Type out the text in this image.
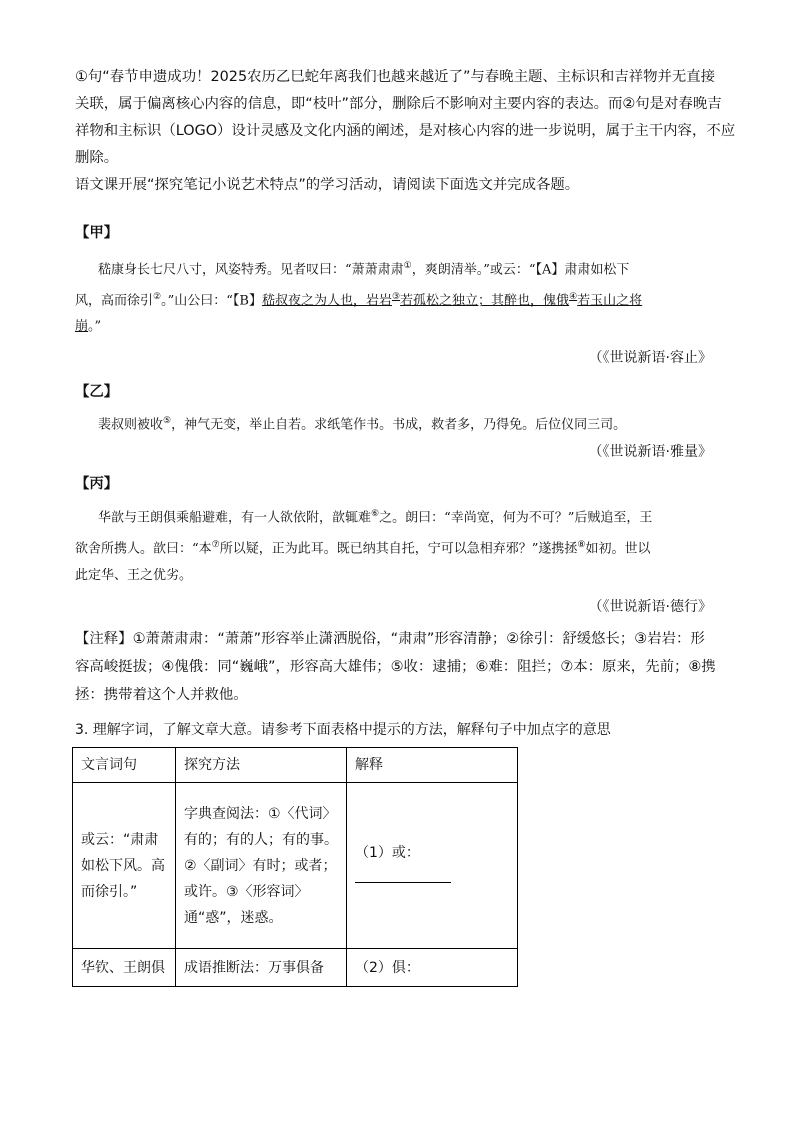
①句“春节申遗成功！2025农历乙巳蛇年离我们也越来越近了”与春晚主题、主标识和吉祥物并无直接
关联，属于偏离核心内容的信息，即“枝叶”部分，删除后不影响对主要内容的表达。而②句是对春晚吉
祥物和主标识（LOGO）设计灵感及文化内涵的阐述，是对核心内容的进一步说明，属于主干内容，不应
删除。
语文课开展“探究笔记小说艺术特点”的学习活动，请阅读下面选文并完成各题。
【甲】
嵇康身长七尺八寸，风姿特秀。见者叹曰：“萧萧肃肃①，爽朗清举。”或云：“【A】肃肃如松下
风，高而徐引②。”山公曰：“【B】嵇叔夜之为人也，岩岩③若孤松之独立；其醉也，傀俄④若玉山之将
崩。”
（《世说新语·容止》
【乙】
裴叔则被收⑤，神气无变，举止自若。求纸笔作书。书成，救者多，乃得免。后位仪同三司。
（《世说新语·雅量》
【丙】
华歆与王朗俱乘船避难，有一人欲依附，歆辄难⑥之。朗曰：“幸尚宽，何为不可？”后贼追至，王
欲舍所携人。歆曰：“本⑦所以疑，正为此耳。既已纳其自托，宁可以急相弃邪？”遂携拯⑧如初。世以
此定华、王之优劣。
（《世说新语·德行》
【注释】①萧萧肃肃：“萧萧”形容举止潇洒脱俗，“肃肃”形容清静；②徐引：舒缓悠长；③岩岩：形
容高峻挺拔；④傀俄：同“巍峨”，形容高大雄伟；⑤收：逮捕；⑥难：阻拦；⑦本：原来，先前；⑧携
拯：携带着这个人并救他。
3. 理解字词，了解文章大意。请参考下面表格中提示的方法，解释句子中加点字的意思
文言词句	探究方法	解释
或云：“肃肃如松下风。高而徐引。”	字典查阅法：①〈代词〉有的；有的人；有的事。②〈副词〉有时；或者；或许。③〈形容词〉通“惑”，迷惑。	（1）或：

华钦、王朗俱	成语推断法：万事俱备	（2）俱：
